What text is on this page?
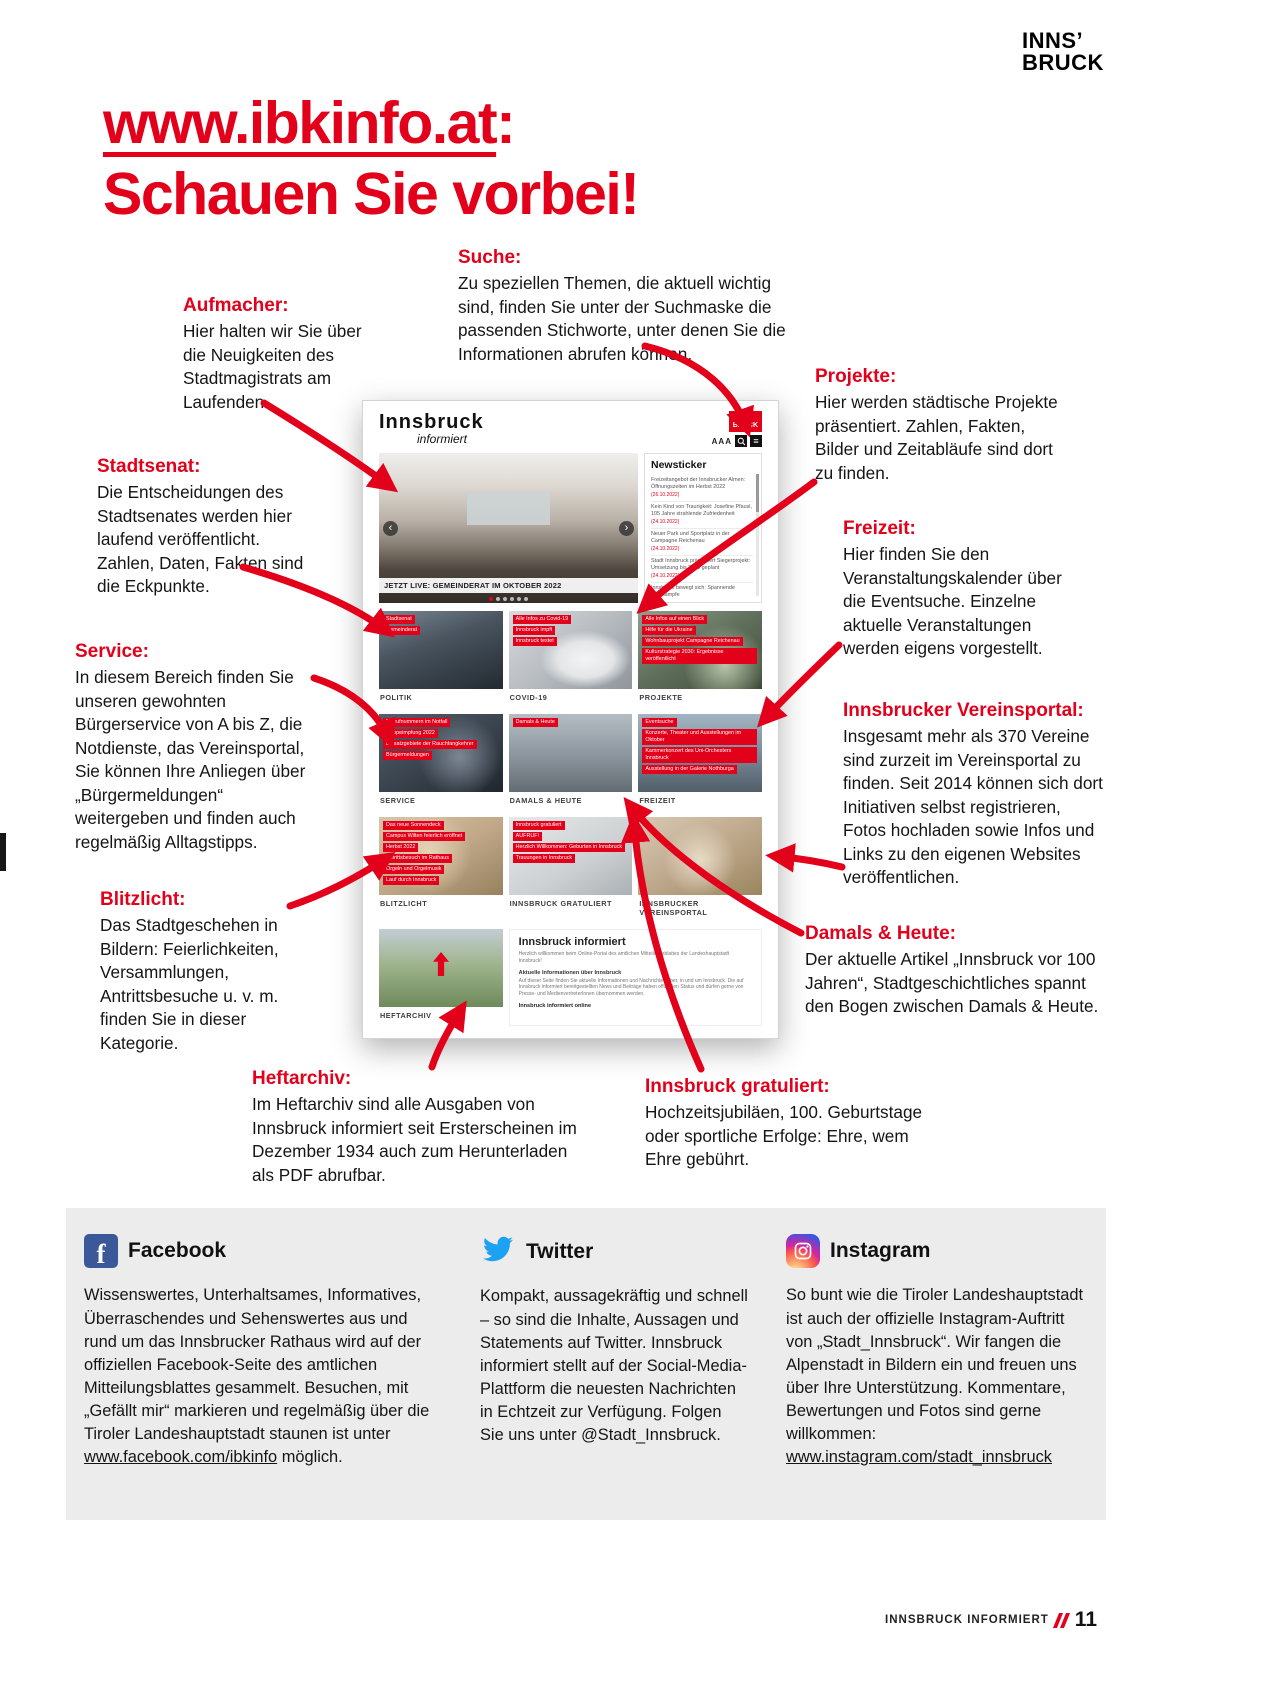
INNS’
BRUCK
www.ibkinfo.at:
Schauen Sie vorbei!
Aufmacher:

Hier halten wir Sie über die Neuigkeiten des Stadtmagistrats am Laufenden.

Suche:

Zu speziellen Themen, die aktuell wichtig sind, finden Sie unter der Suchmaske die passenden Stichworte, unter denen Sie die Informationen abrufen können.

Projekte:

Hier werden städtische Projekte präsentiert. Zahlen, Fakten, Bilder und Zeitabläufe sind dort zu finden.

Stadtsenat:

Die Entscheidungen des Stadtsenates werden hier laufend veröffentlicht. Zahlen, Daten, Fakten sind die Eckpunkte.

Freizeit:

Hier finden Sie den Veranstaltungskalender über die Eventsuche. Einzelne aktuelle Veranstaltungen werden eigens vorgestellt.

Service:

In diesem Bereich finden Sie unseren gewohnten Bürgerservice von A bis Z, die Notdienste, das Vereinsportal, Sie können Ihre Anliegen über „Bürgermeldungen“ weitergeben und finden auch regelmäßig Alltagstipps.

Innsbrucker Vereinsportal:

Insgesamt mehr als 370 Vereine sind zurzeit im Vereinsportal zu finden. Seit 2014 können sich dort Initiativen selbst registrieren, Fotos hochladen sowie Infos und Links zu den eigenen Websites veröffentlichen.

Blitzlicht:

Das Stadtgeschehen in Bildern: Feierlichkeiten, Versammlungen, Antrittsbesuche u. v. m. finden Sie in dieser Kategorie.

Damals & Heute:

Der aktuelle Artikel „Innsbruck vor 100 Jahren“, Stadtgeschichtliches spannt den Bogen zwischen Damals & Heute.

Heftarchiv:

Im Heftarchiv sind alle Ausgaben von Innsbruck informiert seit Ersterscheinen im Dezember 1934 auch zum Herunterladen als PDF abrufbar.

Innsbruck gratuliert:

Hochzeitsjubiläen, 100. Geburtstage oder sportliche Erfolge: Ehre, wem Ehre gebührt.

Innsbruck
informiert
INNS’
BRUCK
AAA	≡
‹	›
JETZT LIVE: GEMEINDERAT IM OKTOBER 2022
Newsticker
Freizeitangebot der Innsbrucker Almen: Öffnungszeiten im Herbst 2022
(26.10.2022)
Kein Kind von Traurigkeit: Josefine Pfausl, 105 Jahre strahlende Zufriedenheit
(24.10.2022)
Neuer Park und Sportplatz in der Campagne Reichenau
(24.10.2022)
Stadt Innsbruck präsentiert Siegerprojekt: Umsetzung bis 2025 geplant
(24.10.2022)
Innsbruck bewegt sich: Spannende Wettkämpfe
Stadtsenat
Gemeinderat
POLITIK
Alle Infos zu Covid-19
Innsbruck impft
Innsbruck testet
COVID-19
Alle Infos auf einen Blick
Hilfe für die Ukraine
Wohnbauprojekt Campagne Reichenau
Kulturstrategie 2030: Ergebnisse veröffentlicht
PROJEKTE
Notrufnummern im Notfall
Grippeimpfung 2022
Einsatzgebiete der Rauchfangkehrer
Bürgermeldungen
SERVICE
Damals & Heute
DAMALS & HEUTE
Eventsuche
Konzerte, Theater und Ausstellungen im Oktober
Kammerkonzert des Uni-Orchesters Innsbruck
Ausstellung in der Galerie Nothburga
FREIZEIT
Das neue Sonnendeck
Campus Wilten feierlich eröffnet
Herbst 2022
Antrittsbesuch im Rathaus
Orgeln und Orgelmusik
Lauf durch Innsbruck
BLITZLICHT
Innsbruck gratuliert
AUFRUF!
Herzlich Willkommen: Geburten in Innsbruck
Trauungen in Innsbruck
INNSBRUCK GRATULIERT	INNSBRUCKER VEREINSPORTAL
HEFTARCHIV
Innsbruck informiert
Herzlich willkommen beim Online-Portal des amtlichen Mitteilungsblattes der Landeshauptstadt Innsbruck!
Aktuelle Informationen über Innsbruck
Auf dieser Seite finden Sie aktuelle Informationen und Nachrichten über, in und um Innsbruck. Die auf Innsbruck informiert bereitgestellten News und Beiträge haben offiziellen Status und dürfen gerne von Presse- und MedienvertreterInnen übernommen werden.
Innsbruck informiert online
f Facebook

Wissenswertes, Unterhaltsames, Informatives, Überraschendes und Sehenswertes aus und rund um das Innsbrucker Rathaus wird auf der offiziellen Facebook-Seite des amtlichen Mitteilungsblattes gesammelt. Besuchen, mit „Gefällt mir“ markieren und regelmäßig über die Tiroler Landeshauptstadt staunen ist unter www.facebook.com/ibkinfo möglich.

Twitter

Kompakt, aussagekräftig und schnell – so sind die Inhalte, Aussagen und Statements auf Twitter. Innsbruck informiert stellt auf der Social-Media-Plattform die neuesten Nachrichten in Echtzeit zur Verfügung. Folgen Sie uns unter @Stadt_Innsbruck.

Instagram

So bunt wie die Tiroler Landeshauptstadt ist auch der offizielle Instagram-Auftritt von „Stadt_Innsbruck“. Wir fangen die Alpenstadt in Bildern ein und freuen uns über Ihre Unterstützung. Kommentare, Bewertungen und Fotos sind gerne willkommen: www.instagram.com/stadt_innsbruck

INNSBRUCK INFORMIERT 11
